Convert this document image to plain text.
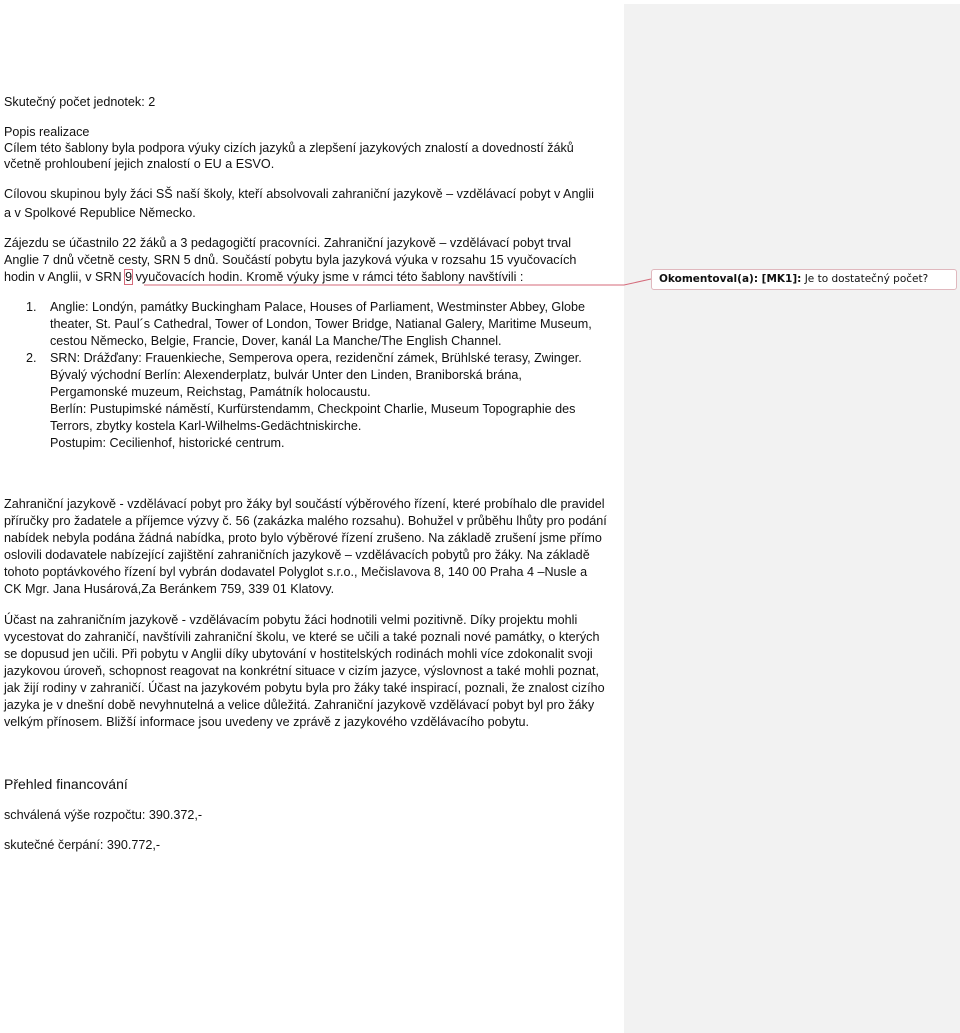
Skutečný počet jednotek: 2
Popis realizace
Cílem této šablony byla podpora výuky cizích jazyků a zlepšení jazykových znalostí a dovedností žáků
včetně prohloubení jejich znalostí o EU a ESVO.
Cílovou skupinou byly žáci SŠ naší školy, kteří absolvovali zahraniční jazykově – vzdělávací pobyt v Anglii
a v Spolkové Republice Německo.
Zájezdu se účastnilo 22 žáků a 3 pedagogičtí pracovníci. Zahraniční jazykově – vzdělávací pobyt trval
Anglie 7 dnů včetně cesty, SRN 5 dnů. Součástí pobytu byla jazyková výuka v rozsahu 15 vyučovacích
hodin v Anglii, v SRN 9 vyučovacích hodin. Kromě výuky jsme v rámci této šablony navštívili :
1. Anglie: Londýn, památky Buckingham Palace, Houses of Parliament, Westminster Abbey, Globe
theater, St. Paul´s Cathedral, Tower of London, Tower Bridge, Natianal Galery, Maritime Museum,
cestou Německo, Belgie, Francie, Dover, kanál La Manche/The English Channel.
2. SRN: Drážďany: Frauenkieche, Semperova opera, rezidenční zámek, Brühlské terasy, Zwinger.
Bývalý východní Berlín: Alexenderplatz, bulvár Unter den Linden, Braniborská brána,
Pergamonské muzeum, Reichstag, Památník holocaustu.
Berlín: Pustupimské náměstí, Kurfürstendamm, Checkpoint Charlie, Museum Topographie des
Terrors, zbytky kostela Karl-Wilhelms-Gedächtniskirche.
Postupim: Cecilienhof, historické centrum.
Zahraniční jazykově - vzdělávací pobyt pro žáky byl součástí výběrového řízení, které probíhalo dle pravidel
příručky pro žadatele a příjemce výzvy č. 56 (zakázka malého rozsahu). Bohužel v průběhu lhůty pro podání
nabídek nebyla podána žádná nabídka, proto bylo výběrové řízení zrušeno. Na základě zrušení jsme přímo
oslovili dodavatele nabízející zajištění zahraničních jazykově – vzdělávacích pobytů pro žáky. Na základě
tohoto poptávkového řízení byl vybrán dodavatel Polyglot s.r.o., Mečislavova 8, 140 00 Praha 4 –Nusle a
CK Mgr. Jana Husárová,Za Beránkem 759, 339 01 Klatovy.
Účast na zahraničním jazykově - vzdělávacím pobytu žáci hodnotili velmi pozitivně. Díky projektu mohli
vycestovat do zahraničí, navštívili zahraniční školu, ve které se učili a také poznali nové památky, o kterých
se dopusud jen učili. Při pobytu v Anglii díky ubytování v hostitelských rodinách mohli více zdokonalit svoji
jazykovou úroveň, schopnost reagovat na konkrétní situace v cizím jazyce, výslovnost a také mohli poznat,
jak žijí rodiny v zahraničí. Účast na jazykovém pobytu byla pro žáky také inspirací, poznali, že znalost cizího
jazyka je v dnešní době nevyhnutelná a velice důležitá. Zahraniční jazykově vzdělávací pobyt byl pro žáky
velkým přínosem. Bližší informace jsou uvedeny ve zprávě z jazykového vzdělávacího pobytu.
Přehled financování
schválená výše rozpočtu: 390.372,-
skutečné čerpání: 390.772,-
Okomentoval(a): [MK1]: Je to dostatečný počet?
